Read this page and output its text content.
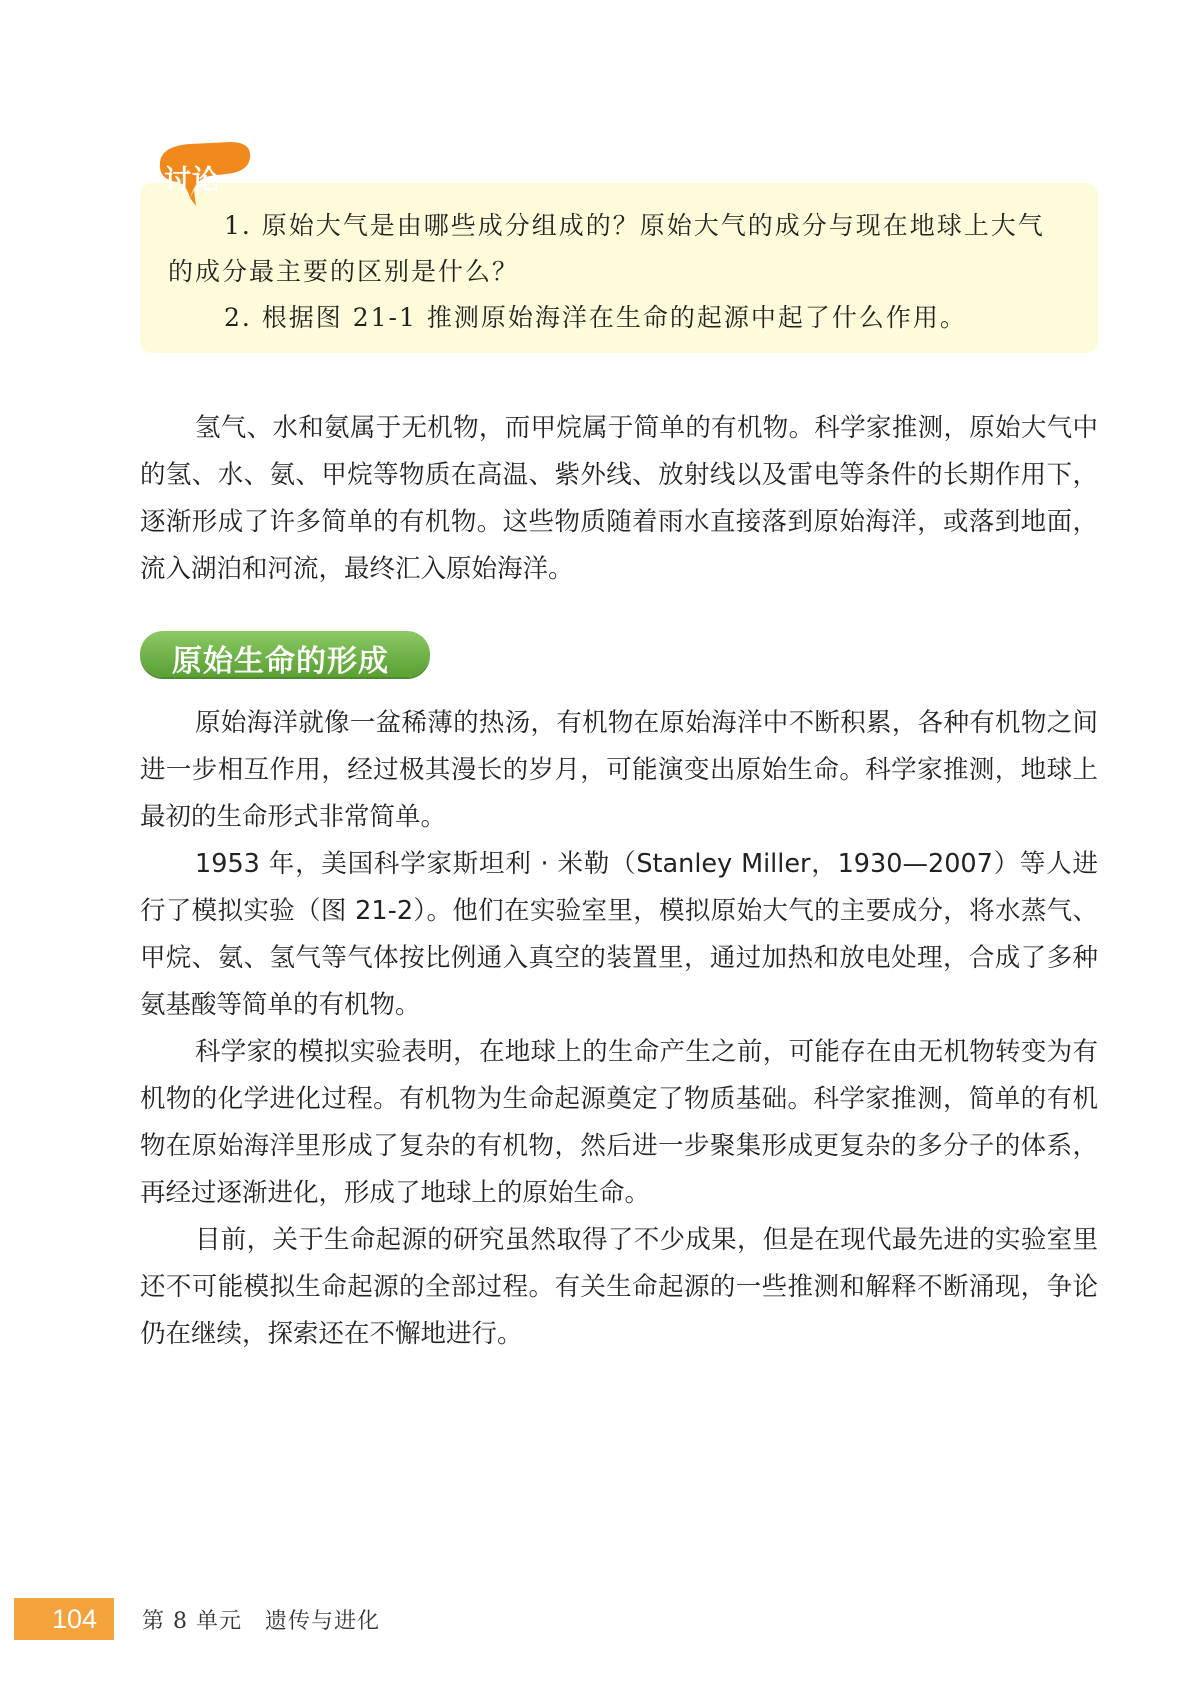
1. 原始大气是由哪些成分组成的？原始大气的成分与现在地球上大气
的成分最主要的区别是什么？
2. 根据图 21-1 推测原始海洋在生命的起源中起了什么作用。
讨论

氢气、水和氨属于无机物，而甲烷属于简单的有机物。科学家推测，原始大气中的氢、水、氨、甲烷等物质在高温、紫外线、放射线以及雷电等条件的长期作用下，逐渐形成了许多简单的有机物。这些物质随着雨水直接落到原始海洋，或落到地面，流入湖泊和河流，最终汇入原始海洋。

原始生命的形成

原始海洋就像一盆稀薄的热汤，有机物在原始海洋中不断积累，各种有机物之间进一步相互作用，经过极其漫长的岁月，可能演变出原始生命。科学家推测，地球上最初的生命形式非常简单。

1953 年，美国科学家斯坦利 · 米勒（Stanley Miller，1930—2007）等人进行了模拟实验（图 21-2）。他们在实验室里，模拟原始大气的主要成分，将水蒸气、甲烷、氨、氢气等气体按比例通入真空的装置里，通过加热和放电处理，合成了多种氨基酸等简单的有机物。

科学家的模拟实验表明，在地球上的生命产生之前，可能存在由无机物转变为有机物的化学进化过程。有机物为生命起源奠定了物质基础。科学家推测，简单的有机物在原始海洋里形成了复杂的有机物，然后进一步聚集形成更复杂的多分子的体系，再经过逐渐进化，形成了地球上的原始生命。

目前，关于生命起源的研究虽然取得了不少成果，但是在现代最先进的实验室里还不可能模拟生命起源的全部过程。有关生命起源的一些推测和解释不断涌现，争论仍在继续，探索还在不懈地进行。

104 第 8 单元　遗传与进化
